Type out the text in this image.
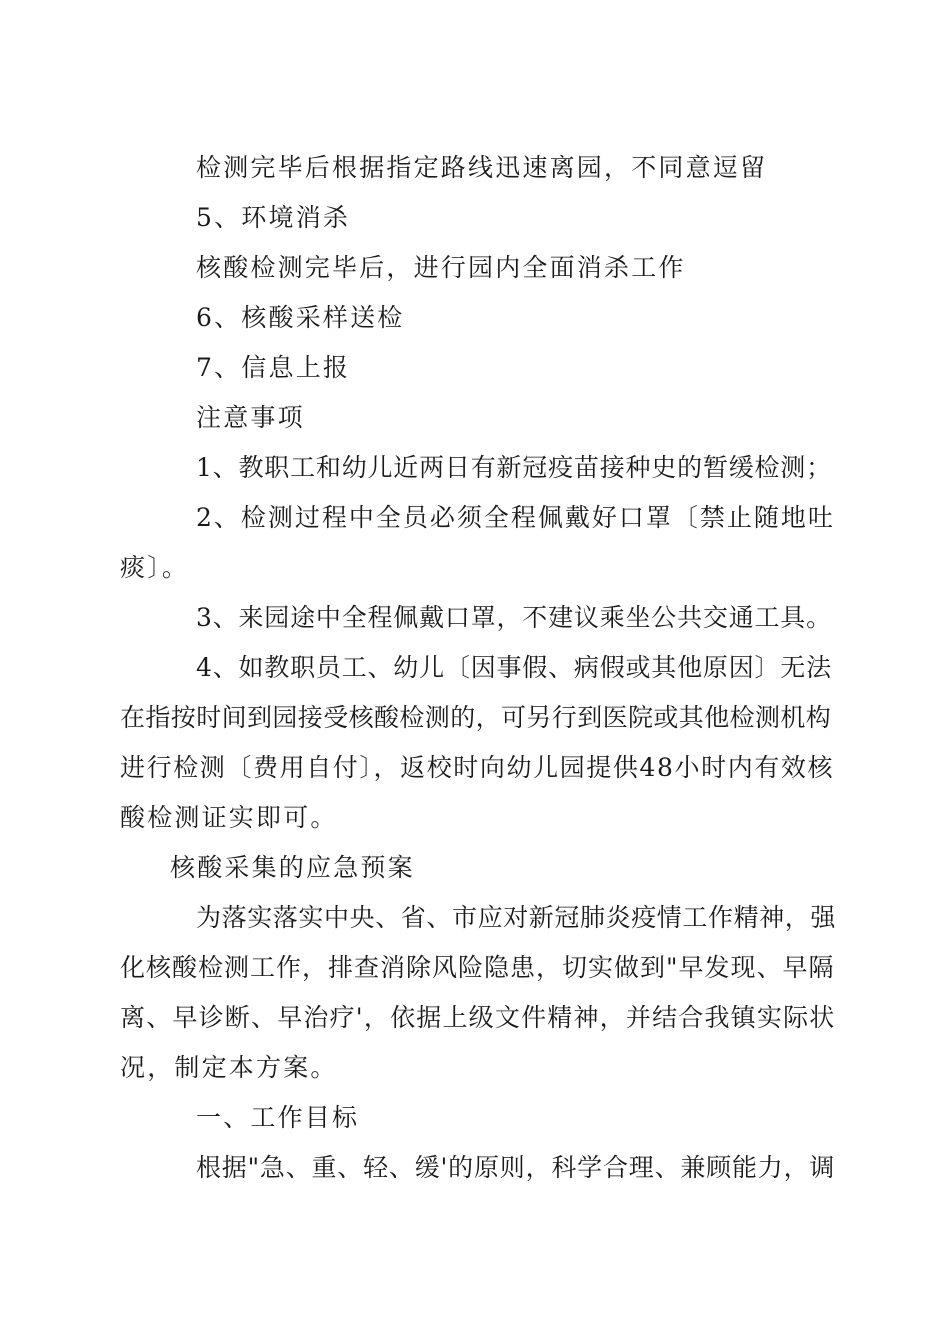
检测完毕后根据指定路线迅速离园，不同意逗留
5、环境消杀
核酸检测完毕后，进行园内全面消杀工作
6、核酸采样送检
7、信息上报
注意事项
1、教职工和幼儿近两日有新冠疫苗接种史的暂缓检测；
2、检测过程中全员必须全程佩戴好口罩〔禁止随地吐
痰〕。
3、来园途中全程佩戴口罩，不建议乘坐公共交通工具。
4、如教职员工、幼儿〔因事假、病假或其他原因〕无法
在指按时间到园接受核酸检测的，可另行到医院或其他检测机构
进行检测〔费用自付〕，返校时向幼儿园提供48小时内有效核
酸检测证实即可。
核酸采集的应急预案
为落实落实中央、省、市应对新冠肺炎疫情工作精神，强
化核酸检测工作，排查消除风险隐患，切实做到"早发现、早隔
离、早诊断、早治疗'，依据上级文件精神，并结合我镇实际状
况，制定本方案。
一、工作目标
根据"急、重、轻、缓'的原则，科学合理、兼顾能力，调
